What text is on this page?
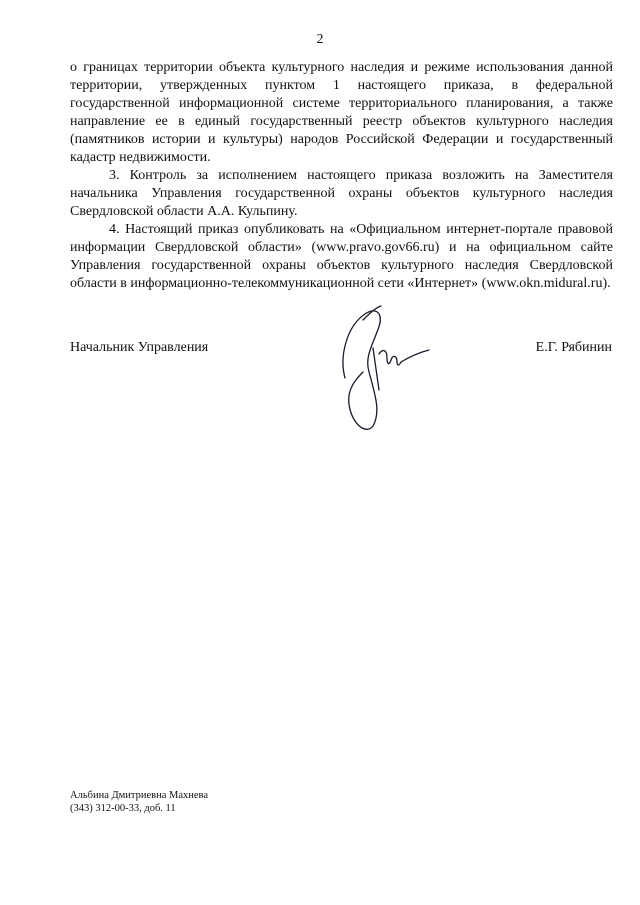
2

о границах территории объекта культурного наследия и режиме использования данной территории, утвержденных пунктом 1 настоящего приказа, в федеральной государственной информационной системе территориального планирования, а также направление ее в единый государственный реестр объектов культурного наследия (памятников истории и культуры) народов Российской Федерации и государственный кадастр недвижимости.

3. Контроль за исполнением настоящего приказа возложить на Заместителя начальника Управления государственной охраны объектов культурного наследия Свердловской области А.А. Кульпину.

4. Настоящий приказ опубликовать на «Официальном интернет-портале правовой информации Свердловской области» (www.pravo.gov66.ru) и на официальном сайте Управления государственной охраны объектов культурного наследия Свердловской области в информационно-телекоммуникационной сети «Интернет» (www.okn.midural.ru).

Начальник Управления	Е.Г. Рябинин
Альбина Дмитриевна Махнева
(343) 312-00-33, доб. 11
